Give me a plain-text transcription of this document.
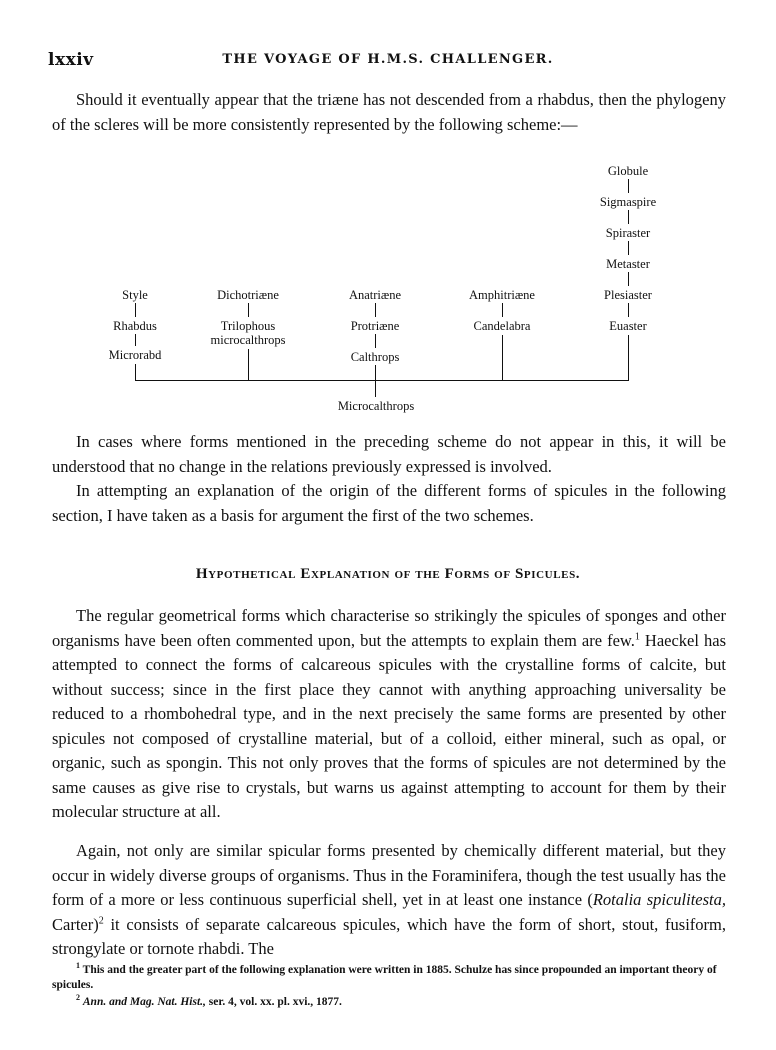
lxxiv	THE VOYAGE OF H.M.S. CHALLENGER.

Should it eventually appear that the triæne has not descended from a rhabdus, then the phylogeny of the scleres will be more consistently represented by the following scheme:—

Globule
Sigmaspire
Spiraster
Metaster
Plesiaster
Euaster
Style
Rhabdus
Microrabd
Dichotriæne
Trilophous
microcalthrops
Anatriæne
Protriæne
Calthrops
Amphitriæne
Candelabra
Microcalthrops

In cases where forms mentioned in the preceding scheme do not appear in this, it will be understood that no change in the relations previously expressed is involved.

In attempting an explanation of the origin of the different forms of spicules in the following section, I have taken as a basis for argument the first of the two schemes.

Hypothetical Explanation of the Forms of Spicules.

The regular geometrical forms which characterise so strikingly the spicules of sponges and other organisms have been often commented upon, but the attempts to explain them are few.$^1$ Haeckel has attempted to connect the forms of calcareous spicules with the crystalline forms of calcite, but without success; since in the first place they cannot with anything approaching universality be reduced to a rhombohedral type, and in the next precisely the same forms are presented by other spicules not composed of crystalline material, but of a colloid, either mineral, such as opal, or organic, such as spongin. This not only proves that the forms of spicules are not determined by the same causes as give rise to crystals, but warns us against attempting to account for them by their molecular structure at all.

Again, not only are similar spicular forms presented by chemically different material, but they occur in widely diverse groups of organisms. Thus in the Foraminifera, though the test usually has the form of a more or less continuous superficial shell, yet in at least one instance (Rotalia spiculitesta, Carter)$^2$ it consists of separate calcareous spicules, which have the form of short, stout, fusiform, strongylate or tornote rhabdi. The

$^1$ This and the greater part of the following explanation were written in 1885. Schulze has since propounded an important theory of spicules.

$^2$ Ann. and Mag. Nat. Hist., ser. 4, vol. xx. pl. xvi., 1877.
